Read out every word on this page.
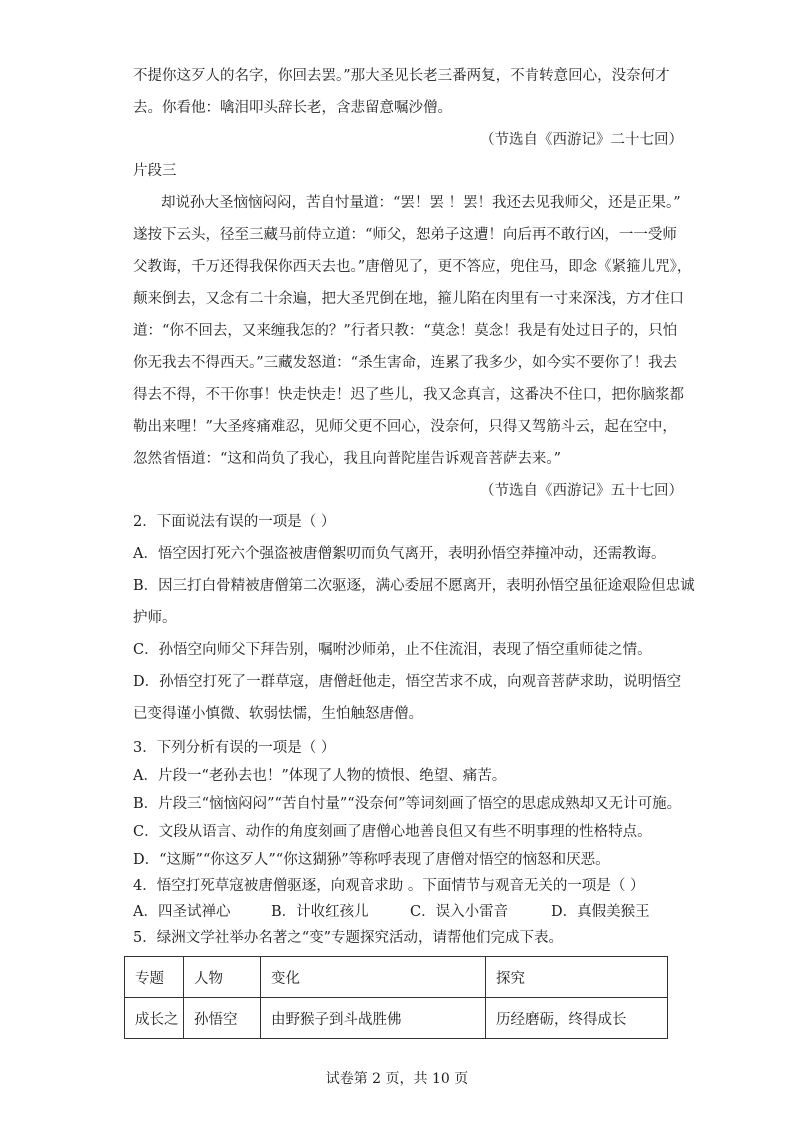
不提你这歹人的名字，你回去罢。”那大圣见长老三番两复，不肯转意回心，没奈何才
去。你看他：噙泪叩头辞长老，含悲留意嘱沙僧。
（节选自《西游记》二十七回）
片段三
却说孙大圣恼恼闷闷，苦自忖量道：“罢！罢 ！罢！我还去见我师父，还是正果。”
遂按下云头，径至三藏马前侍立道：“师父，恕弟子这遭！向后再不敢行凶，一一受师
父教诲，千万还得我保你西天去也。”唐僧见了，更不答应，兜住马，即念《紧箍儿咒》，
颠来倒去，又念有二十余遍，把大圣咒倒在地，箍儿陷在肉里有一寸来深浅，方才住口
道：“你不回去，又来缠我怎的？”行者只教：“莫念！莫念！我是有处过日子的，只怕
你无我去不得西天。”三藏发怒道：“杀生害命，连累了我多少，如今实不要你了！我去
得去不得，不干你事！快走快走！迟了些儿，我又念真言，这番决不住口，把你脑浆都
勒出来哩！”大圣疼痛难忍，见师父更不回心，没奈何，只得又驾筋斗云，起在空中，
忽然省悟道：“这和尚负了我心，我且向普陀崖告诉观音菩萨去来。”
（节选自《西游记》五十七回）
2．下面说法有误的一项是（ ）
A．悟空因打死六个强盗被唐僧絮叨而负气离开，表明孙悟空莽撞冲动，还需教诲。
B．因三打白骨精被唐僧第二次驱逐，满心委屈不愿离开，表明孙悟空虽征途艰险但忠诚
护师。
C．孙悟空向师父下拜告别，嘱咐沙师弟，止不住流泪，表现了悟空重师徒之情。
D．孙悟空打死了一群草寇，唐僧赶他走，悟空苦求不成，向观音菩萨求助，说明悟空
已变得谨小慎微、软弱怯懦，生怕触怒唐僧。
3．下列分析有误的一项是（ ）
A．片段一“老孙去也！”体现了人物的愤恨、绝望、痛苦。
B．片段三“恼恼闷闷”“苦自忖量”“没奈何”等词刻画了悟空的思虑成熟却又无计可施。
C．文段从语言、动作的角度刻画了唐僧心地善良但又有些不明事理的性格特点。
D．“这厮”“你这歹人”“你这猢狲”等称呼表现了唐僧对悟空的恼怒和厌恶。
4．悟空打死草寇被唐僧驱逐，向观音求助 。下面情节与观音无关的一项是（ ）
A．四圣试禅心	B．计收红孩儿	C．误入小雷音	D．真假美猴王
专题	人物	变化	探究
成长之	孙悟空	由野猴子到斗战胜佛	历经磨砺，终得成长
试卷第 2 页，共 10 页
5．绿洲文学社举办名著之“变”专题探究活动，请帮他们完成下表。
